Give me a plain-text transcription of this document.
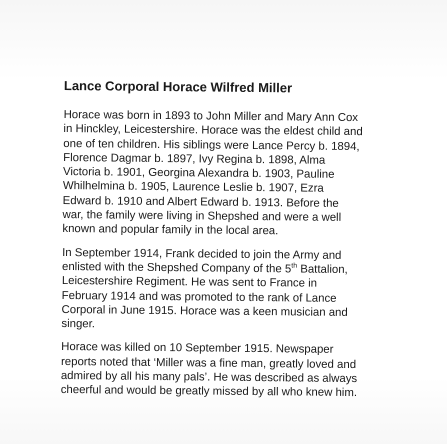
Lance Corporal Horace Wilfred Miller
Horace was born in 1893 to John Miller and Mary Ann Cox
in Hinckley, Leicestershire. Horace was the eldest child and
one of ten children. His siblings were Lance Percy b. 1894,
Florence Dagmar b. 1897, Ivy Regina b. 1898, Alma
Victoria b. 1901, Georgina Alexandra b. 1903, Pauline
Whilhelmina b. 1905, Laurence Leslie b. 1907, Ezra
Edward b. 1910 and Albert Edward b. 1913. Before the
war, the family were living in Shepshed and were a well
known and popular family in the local area.
In September 1914, Frank decided to join the Army and
enlisted with the Shepshed Company of the 5th Battalion,
Leicestershire Regiment. He was sent to France in
February 1914 and was promoted to the rank of Lance
Corporal in June 1915. Horace was a keen musician and
singer.
Horace was killed on 10 September 1915. Newspaper
reports noted that ‘Miller was a fine man, greatly loved and
admired by all his many pals’. He was described as always
cheerful and would be greatly missed by all who knew him.
